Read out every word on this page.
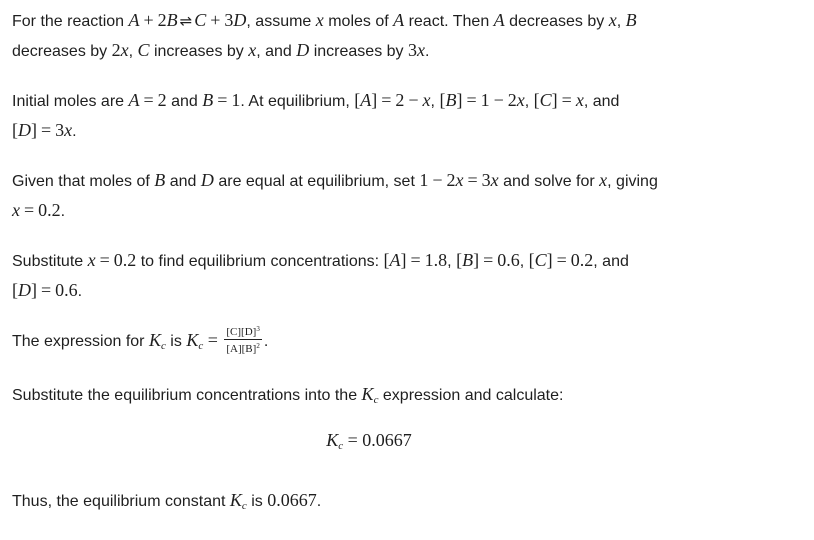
For the reaction A + 2B ⇌ C + 3D, assume x moles of A react. Then A decreases by x, B
decreases by 2x, C increases by x, and D increases by 3x.

Initial moles are A = 2 and B = 1. At equilibrium, [A] = 2 − x, [B] = 1 − 2x, [C] = x, and
[D] = 3x.

Given that moles of B and D are equal at equilibrium, set 1 − 2x = 3x and solve for x, giving
x = 0.2.

Substitute x = 0.2 to find equilibrium concentrations: [A] = 1.8, [B] = 0.6, [C] = 0.2, and
[D] = 0.6.

The expression for $K_c$ is $K_c = \frac{[C][D]^3}{[A][B]^2}$ .

Substitute the equilibrium concentrations into the $K_c$ expression and calculate:

$K_c = 0.0667$

Thus, the equilibrium constant $K_c$ is 0.0667.
